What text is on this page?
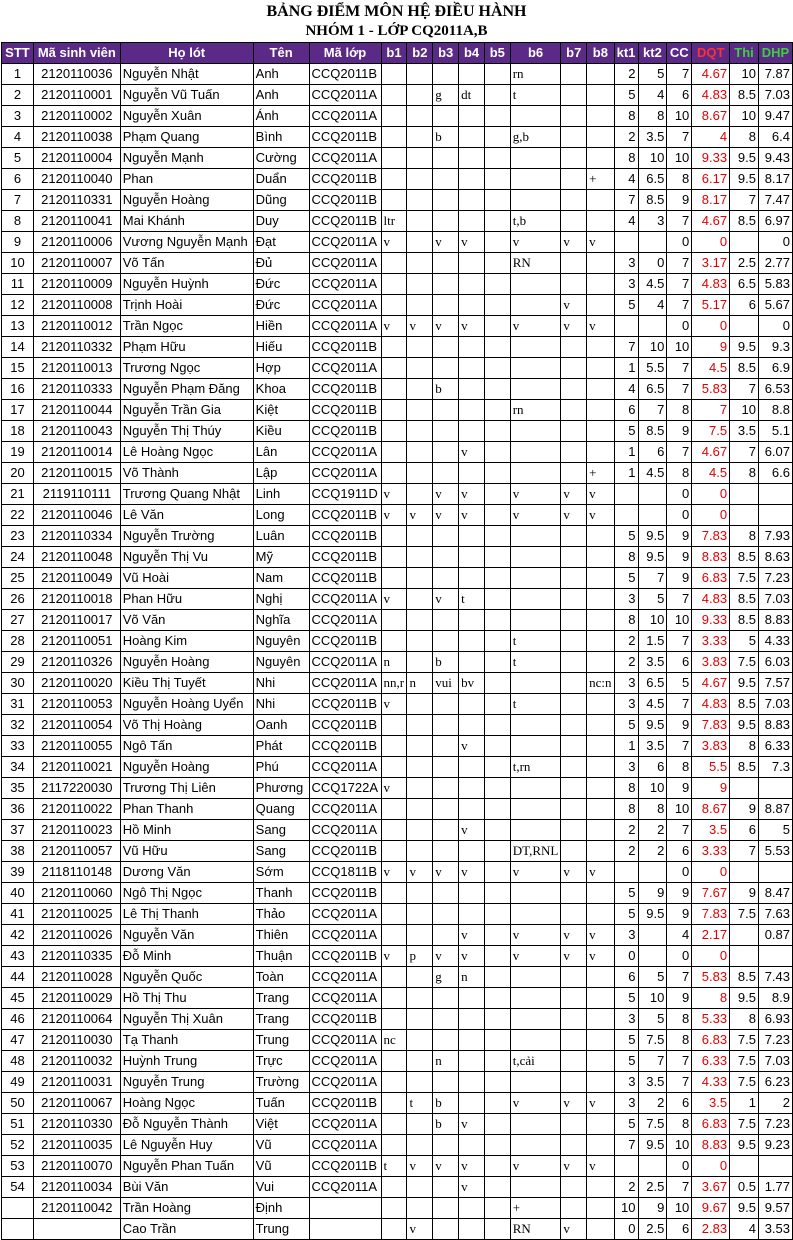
BẢNG ĐIỂM MÔN HỆ ĐIỀU HÀNH
NHÓM 1 - LỚP CQ2011A,B
STT	Mã sinh viên	Họ lót	Tên	Mã lớp	b1	b2	b3	b4	b5	b6	b7	b8	kt1	kt2	CC	DQT	Thi	DHP
1	2120110036	Nguyễn Nhật	Anh	CCQ2011B						rn			2	5	7	4.67	10	7.87
2	2120110001	Nguyễn Vũ Tuấn	Anh	CCQ2011A			g	dt		t			5	4	6	4.83	8.5	7.03
3	2120110002	Nguyễn Xuân	Ánh	CCQ2011A									8	8	10	8.67	10	9.47
4	2120110038	Phạm Quang	Bình	CCQ2011B			b			g,b			2	3.5	7	4	8	6.4
5	2120110004	Nguyễn Mạnh	Cường	CCQ2011A									8	10	10	9.33	9.5	9.43
6	2120110040	Phan	Duẩn	CCQ2011B								+	4	6.5	8	6.17	9.5	8.17
7	2120110331	Nguyễn Hoàng	Dũng	CCQ2011B									7	8.5	9	8.17	7	7.47
8	2120110041	Mai Khánh	Duy	CCQ2011B	ltr					t,b			4	3	7	4.67	8.5	6.97
9	2120110006	Vương Nguyễn Mạnh	Đạt	CCQ2011A	v		v	v		v	v	v			0	0		0
10	2120110007	Võ Tấn	Đủ	CCQ2011A						RN			3	0	7	3.17	2.5	2.77
11	2120110009	Nguyễn Huỳnh	Đức	CCQ2011A									3	4.5	7	4.83	6.5	5.83
12	2120110008	Trịnh Hoài	Đức	CCQ2011A							v		5	4	7	5.17	6	5.67
13	2120110012	Trần Ngọc	Hiền	CCQ2011A	v	v	v	v		v	v	v			0	0		0
14	2120110332	Phạm Hữu	Hiếu	CCQ2011B									7	10	10	9	9.5	9.3
15	2120110013	Trương Ngọc	Hợp	CCQ2011A									1	5.5	7	4.5	8.5	6.9
16	2120110333	Nguyễn Phạm Đăng	Khoa	CCQ2011B			b						4	6.5	7	5.83	7	6.53
17	2120110044	Nguyễn Trần Gia	Kiệt	CCQ2011B						rn			6	7	8	7	10	8.8
18	2120110043	Nguyễn Thị Thúy	Kiều	CCQ2011B									5	8.5	9	7.5	3.5	5.1
19	2120110014	Lê Hoàng Ngọc	Lân	CCQ2011A				v					1	6	7	4.67	7	6.07
20	2120110015	Võ Thành	Lập	CCQ2011A								+	1	4.5	8	4.5	8	6.6
21	2119110111	Trương Quang Nhật	Linh	CCQ1911D	v		v	v		v	v	v			0	0		
22	2120110046	Lê Văn	Long	CCQ2011B	v	v	v	v		v	v	v			0	0		
23	2120110334	Nguyễn Trường	Luân	CCQ2011B									5	9.5	9	7.83	8	7.93
24	2120110048	Nguyễn Thị Vu	Mỹ	CCQ2011B									8	9.5	9	8.83	8.5	8.63
25	2120110049	Vũ Hoài	Nam	CCQ2011B									5	7	9	6.83	7.5	7.23
26	2120110018	Phan Hữu	Nghị	CCQ2011A	v		v	t					3	5	7	4.83	8.5	7.03
27	2120110017	Võ Văn	Nghĩa	CCQ2011A									8	10	10	9.33	8.5	8.83
28	2120110051	Hoàng Kim	Nguyên	CCQ2011B						t			2	1.5	7	3.33	5	4.33
29	2120110326	Nguyễn Hoàng	Nguyên	CCQ2011A	n		b			t			2	3.5	6	3.83	7.5	6.03
30	2120110020	Kiều Thị Tuyết	Nhi	CCQ2011A	nn,r	n	vui	bv				nc:n	3	6.5	5	4.67	9.5	7.57
31	2120110053	Nguyễn Hoàng Uyển	Nhi	CCQ2011B	v					t			3	4.5	7	4.83	8.5	7.03
32	2120110054	Võ Thị Hoàng	Oanh	CCQ2011B									5	9.5	9	7.83	9.5	8.83
33	2120110055	Ngô Tấn	Phát	CCQ2011B				v					1	3.5	7	3.83	8	6.33
34	2120110021	Nguyễn Hoàng	Phú	CCQ2011A						t,rn			3	6	8	5.5	8.5	7.3
35	2117220030	Trương Thị Liên	Phương	CCQ1722A	v								8	10	9	9		
36	2120110022	Phan Thanh	Quang	CCQ2011A									8	8	10	8.67	9	8.87
37	2120110023	Hồ Minh	Sang	CCQ2011A				v					2	2	7	3.5	6	5
38	2120110057	Vũ Hữu	Sang	CCQ2011B						DT,RNL			2	2	6	3.33	7	5.53
39	2118110148	Dương Văn	Sớm	CCQ1811B	v	v	v	v		v	v	v			0	0		
40	2120110060	Ngô Thị Ngọc	Thanh	CCQ2011B									5	9	9	7.67	9	8.47
41	2120110025	Lê Thị Thanh	Thảo	CCQ2011A									5	9.5	9	7.83	7.5	7.63
42	2120110026	Nguyễn Văn	Thiên	CCQ2011A				v		v	v	v	3		4	2.17		0.87
43	2120110335	Đỗ Minh	Thuận	CCQ2011B	v	p	v	v		v	v	v	0		0	0		
44	2120110028	Nguyễn Quốc	Toàn	CCQ2011A			g	n					6	5	7	5.83	8.5	7.43
45	2120110029	Hồ Thị Thu	Trang	CCQ2011A									5	10	9	8	9.5	8.9
46	2120110064	Nguyễn Thị Xuân	Trang	CCQ2011B									3	5	8	5.33	8	6.93
47	2120110030	Tạ Thanh	Trung	CCQ2011A	nc								5	7.5	8	6.83	7.5	7.23
48	2120110032	Huỳnh Trung	Trực	CCQ2011A			n			t,cải			5	7	7	6.33	7.5	7.03
49	2120110031	Nguyễn Trung	Trường	CCQ2011A									3	3.5	7	4.33	7.5	6.23
50	2120110067	Hoàng Ngọc	Tuấn	CCQ2011B		t	b			v	v	v	3	2	6	3.5	1	2
51	2120110330	Đỗ Nguyễn Thành	Việt	CCQ2011A			b	v					5	7.5	8	6.83	7.5	7.23
52	2120110035	Lê Nguyễn Huy	Vũ	CCQ2011A									7	9.5	10	8.83	9.5	9.23
53	2120110070	Nguyễn Phan Tuấn	Vũ	CCQ2011B	t	v	v	v		v	v	v			0	0		
54	2120110034	Bùi Văn	Vui	CCQ2011A				v					2	2.5	7	3.67	0.5	1.77
	2120110042	Trần Hoàng	Định							+			10	9	10	9.67	9.5	9.57
		Cao Trần	Trung			v				RN	v		0	2.5	6	2.83	4	3.53
